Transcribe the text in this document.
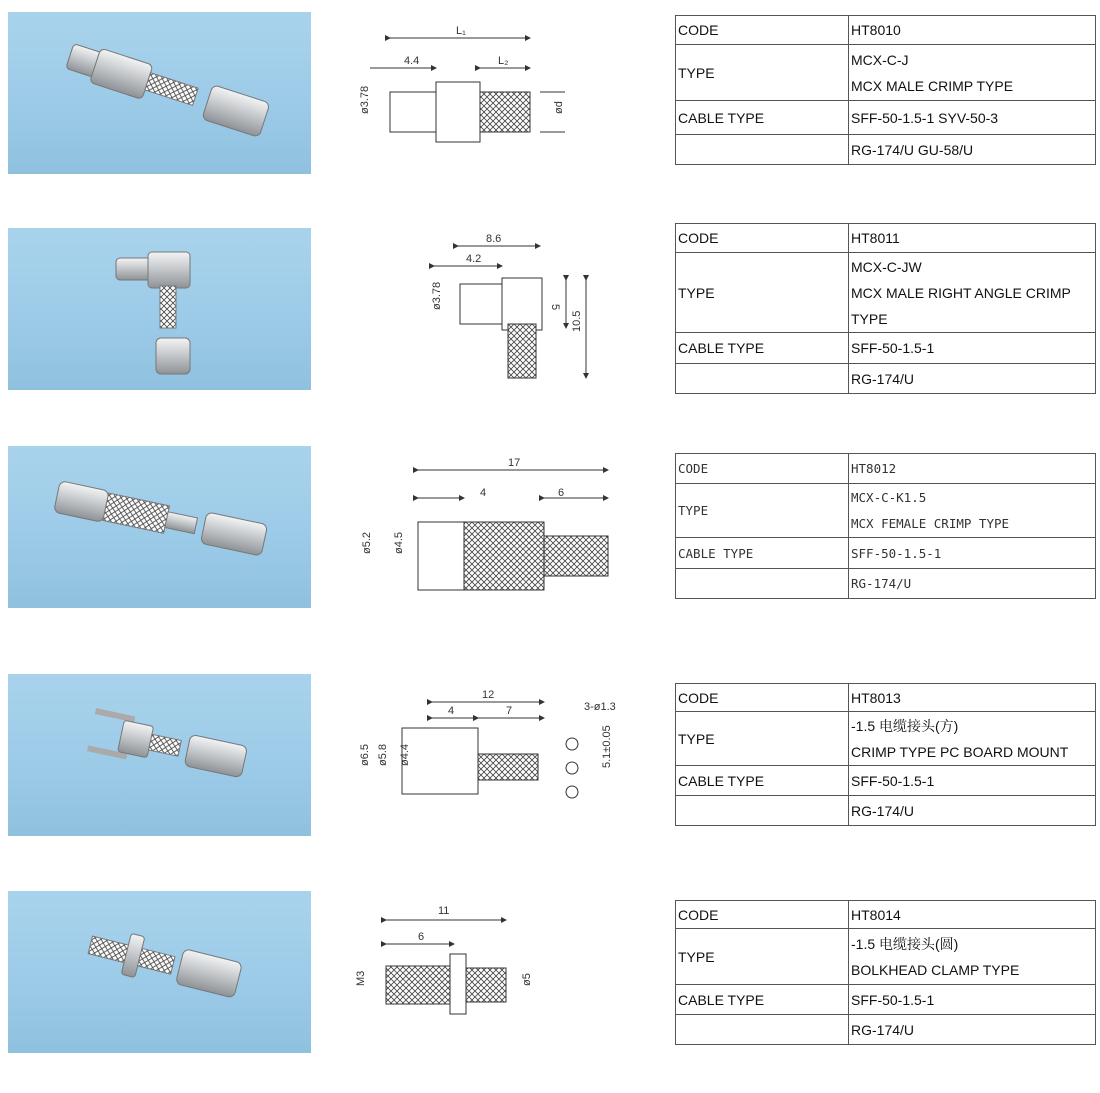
L₁
4.4	L₂
ø3.78	ød
CODE	HT8010
TYPE	MCX-C-J
MCX MALE CRIMP TYPE

CABLE TYPE	SFF-50-1.5-1 SYV-50-3
	RG-174/U GU-58/U
8.6
4.2
ø3.78	5
10.5
CODE	HT8011
TYPE	MCX-C-JW
MCX MALE RIGHT ANGLE CRIMP
TYPE

CABLE TYPE	SFF-50-1.5-1
	RG-174/U
17
4	6
ø5.2 ø4.5
CODE	HT8012
TYPE	MCX-C-K1.5
MCX FEMALE CRIMP TYPE

CABLE TYPE	SFF-50-1.5-1
	RG-174/U
12
4	7	3-ø1.3
ø6.5 ø5.8 ø4.4	5.1±0.05
CODE	HT8013
TYPE	-1.5 电缆接头(方)
CRIMP TYPE PC BOARD MOUNT

CABLE TYPE	SFF-50-1.5-1
	RG-174/U
11
6
M3	ø5
CODE	HT8014
TYPE	-1.5 电缆接头(圆)
BOLKHEAD CLAMP TYPE

CABLE TYPE	SFF-50-1.5-1
	RG-174/U
